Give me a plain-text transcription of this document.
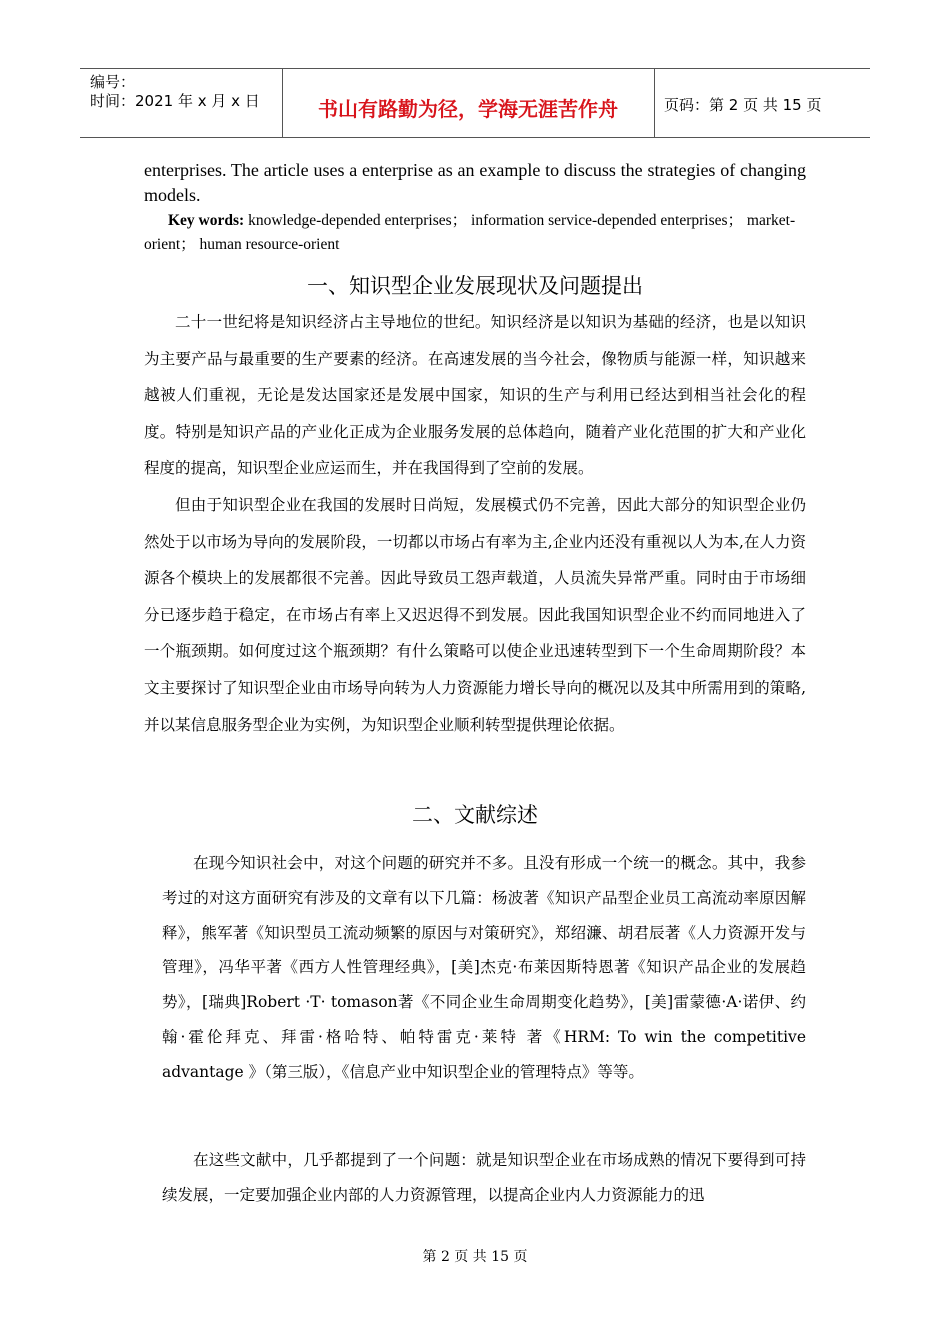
编号：
时间：2021 年 x 月 x 日	书山有路勤为径，学海无涯苦作舟	页码：第 2 页 共 15 页
enterprises. The article uses a enterprise as an example to discuss the strategies of changing models.
Key words: knowledge-depended enterprises； information service-depended enterprises； market-orient； human resource-orient
一、知识型企业发展现状及问题提出
二十一世纪将是知识经济占主导地位的世纪。知识经济是以知识为基础的经济，也是以知识为主要产品与最重要的生产要素的经济。在高速发展的当今社会，像物质与能源一样，知识越来越被人们重视，无论是发达国家还是发展中国家，知识的生产与利用已经达到相当社会化的程度。特别是知识产品的产业化正成为企业服务发展的总体趋向，随着产业化范围的扩大和产业化程度的提高，知识型企业应运而生，并在我国得到了空前的发展。
但由于知识型企业在我国的发展时日尚短，发展模式仍不完善，因此大部分的知识型企业仍然处于以市场为导向的发展阶段，一切都以市场占有率为主,企业内还没有重视以人为本,在人力资源各个模块上的发展都很不完善。因此导致员工怨声载道，人员流失异常严重。同时由于市场细分已逐步趋于稳定，在市场占有率上又迟迟得不到发展。因此我国知识型企业不约而同地进入了一个瓶颈期。如何度过这个瓶颈期？有什么策略可以使企业迅速转型到下一个生命周期阶段？本文主要探讨了知识型企业由市场导向转为人力资源能力增长导向的概况以及其中所需用到的策略,并以某信息服务型企业为实例，为知识型企业顺利转型提供理论依据。
二、文献综述
在现今知识社会中，对这个问题的研究并不多。且没有形成一个统一的概念。其中，我参考过的对这方面研究有涉及的文章有以下几篇：杨波著《知识产品型企业员工高流动率原因解释》，熊军著《知识型员工流动频繁的原因与对策研究》，郑绍濂、胡君辰著《人力资源开发与管理》，冯华平著《西方人性管理经典》，[美]杰克·布莱因斯特恩著《知识产品企业的发展趋势》，[瑞典]Robert ·T· tomason著《不同企业生命周期变化趋势》，[美]雷蒙德·A·诺伊、约翰·霍伦拜克、拜雷·格哈特、帕特雷克·莱特 著《HRM: To win the competitive advantage 》（第三版），《信息产业中知识型企业的管理特点》等等。
在这些文献中，几乎都提到了一个问题：就是知识型企业在市场成熟的情况下要得到可持续发展，一定要加强企业内部的人力资源管理，以提高企业内人力资源能力的迅
第 2 页 共 15 页
